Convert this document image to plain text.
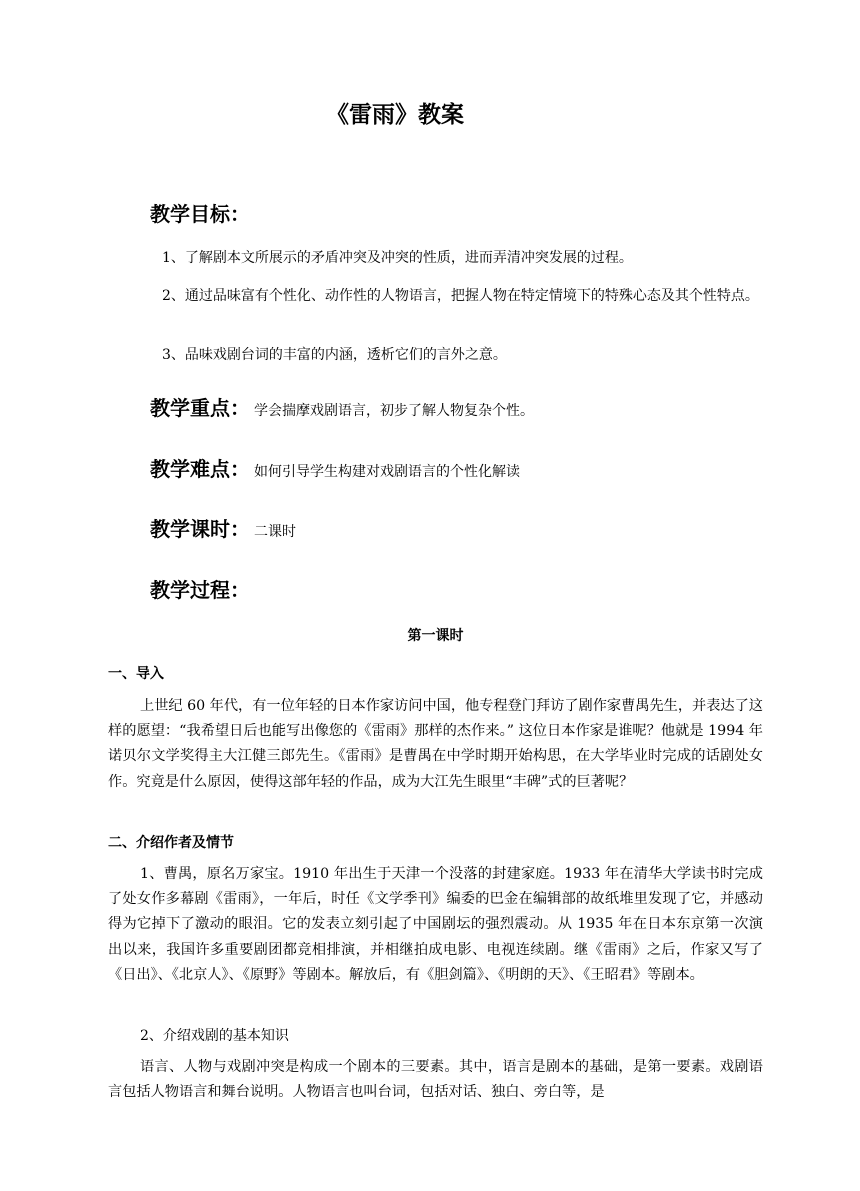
《雷雨》教案
教学目标：
1、了解剧本文所展示的矛盾冲突及冲突的性质，进而弄清冲突发展的过程。
2、通过品味富有个性化、动作性的人物语言，把握人物在特定情境下的特殊心态及其个性特点。
3、品味戏剧台词的丰富的内涵，透析它们的言外之意。
教学重点： 学会揣摩戏剧语言，初步了解人物复杂个性。
教学难点： 如何引导学生构建对戏剧语言的个性化解读
教学课时： 二课时
教学过程：
第一课时
一、导入

上世纪 60 年代，有一位年轻的日本作家访问中国，他专程登门拜访了剧作家曹禺先生，并表达了这样的愿望：“我希望日后也能写出像您的《雷雨》那样的杰作来。” 这位日本作家是谁呢？他就是 1994 年诺贝尔文学奖得主大江健三郎先生。《雷雨》是曹禺在中学时期开始构思，在大学毕业时完成的话剧处女作。究竟是什么原因，使得这部年轻的作品，成为大江先生眼里“丰碑”式的巨著呢？

二、介绍作者及情节

1、曹禺，原名万家宝。1910 年出生于天津一个没落的封建家庭。1933 年在清华大学读书时完成了处女作多幕剧《雷雨》，一年后，时任《文学季刊》编委的巴金在编辑部的故纸堆里发现了它，并感动得为它掉下了激动的眼泪。它的发表立刻引起了中国剧坛的强烈震动。从 1935 年在日本东京第一次演出以来，我国许多重要剧团都竞相排演，并相继拍成电影、电视连续剧。继《雷雨》之后，作家又写了《日出》、《北京人》、《原野》等剧本。解放后，有《胆剑篇》、《明朗的天》、《王昭君》等剧本。

2、介绍戏剧的基本知识

语言、人物与戏剧冲突是构成一个剧本的三要素。其中，语言是剧本的基础，是第一要素。戏剧语言包括人物语言和舞台说明。人物语言也叫台词，包括对话、独白、旁白等，是
